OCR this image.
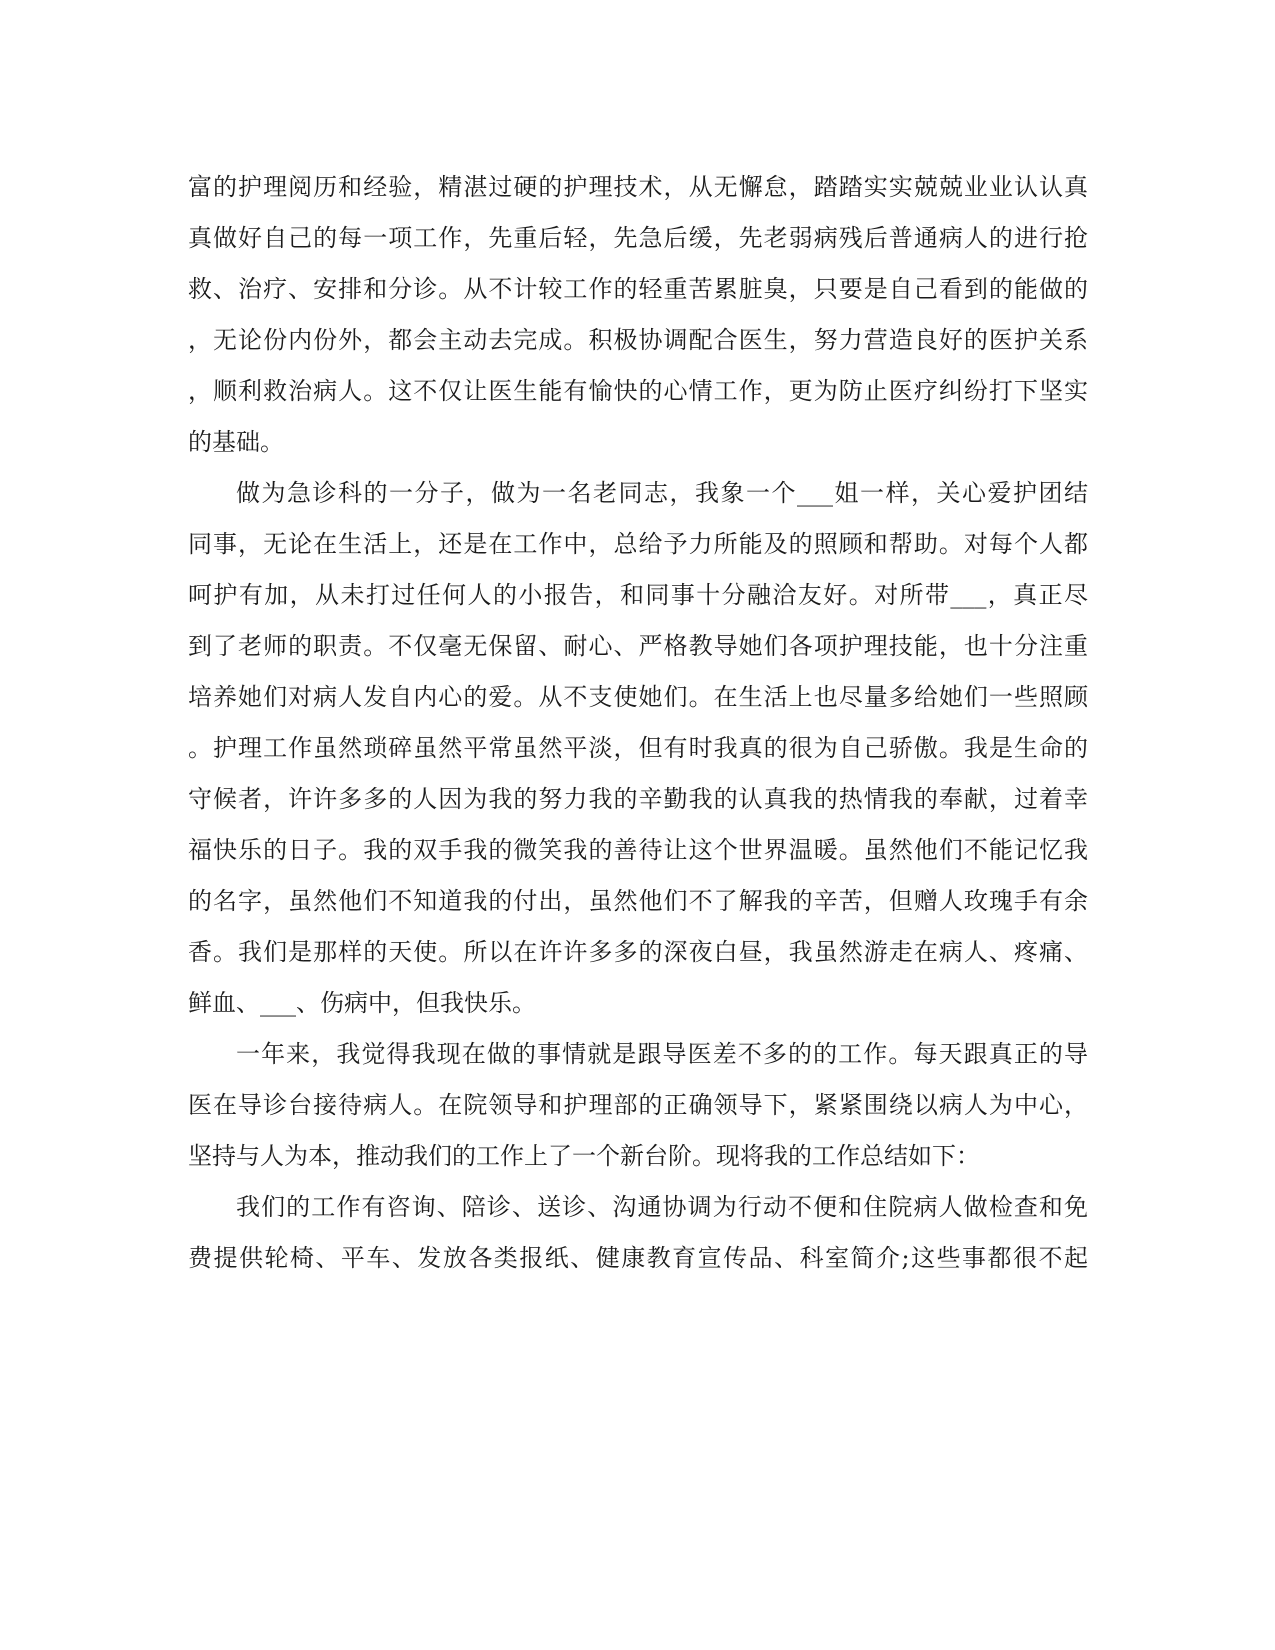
富的护理阅历和经验，精湛过硬的护理技术，从无懈怠，踏踏实实兢兢业业认认真
真做好自己的每一项工作，先重后轻，先急后缓，先老弱病残后普通病人的进行抢
救、治疗、安排和分诊。从不计较工作的轻重苦累脏臭，只要是自己看到的能做的
，无论份内份外，都会主动去完成。积极协调配合医生，努力营造良好的医护关系
，顺利救治病人。这不仅让医生能有愉快的心情工作，更为防止医疗纠纷打下坚实
的基础。
做为急诊科的一分子，做为一名老同志，我象一个___姐一样，关心爱护团结
同事，无论在生活上，还是在工作中，总给予力所能及的照顾和帮助。对每个人都
呵护有加，从未打过任何人的小报告，和同事十分融洽友好。对所带___，真正尽
到了老师的职责。不仅毫无保留、耐心、严格教导她们各项护理技能，也十分注重
培养她们对病人发自内心的爱。从不支使她们。在生活上也尽量多给她们一些照顾
。护理工作虽然琐碎虽然平常虽然平淡，但有时我真的很为自己骄傲。我是生命的
守候者，许许多多的人因为我的努力我的辛勤我的认真我的热情我的奉献，过着幸
福快乐的日子。我的双手我的微笑我的善待让这个世界温暖。虽然他们不能记忆我
的名字，虽然他们不知道我的付出，虽然他们不了解我的辛苦，但赠人玫瑰手有余
香。我们是那样的天使。所以在许许多多的深夜白昼，我虽然游走在病人、疼痛、
鲜血、___、伤病中，但我快乐。
一年来，我觉得我现在做的事情就是跟导医差不多的的工作。每天跟真正的导
医在导诊台接待病人。在院领导和护理部的正确领导下，紧紧围绕以病人为中心，
坚持与人为本，推动我们的工作上了一个新台阶。现将我的工作总结如下：
我们的工作有咨询、陪诊、送诊、沟通协调为行动不便和住院病人做检查和免
费提供轮椅、平车、发放各类报纸、健康教育宣传品、科室简介;这些事都很不起
